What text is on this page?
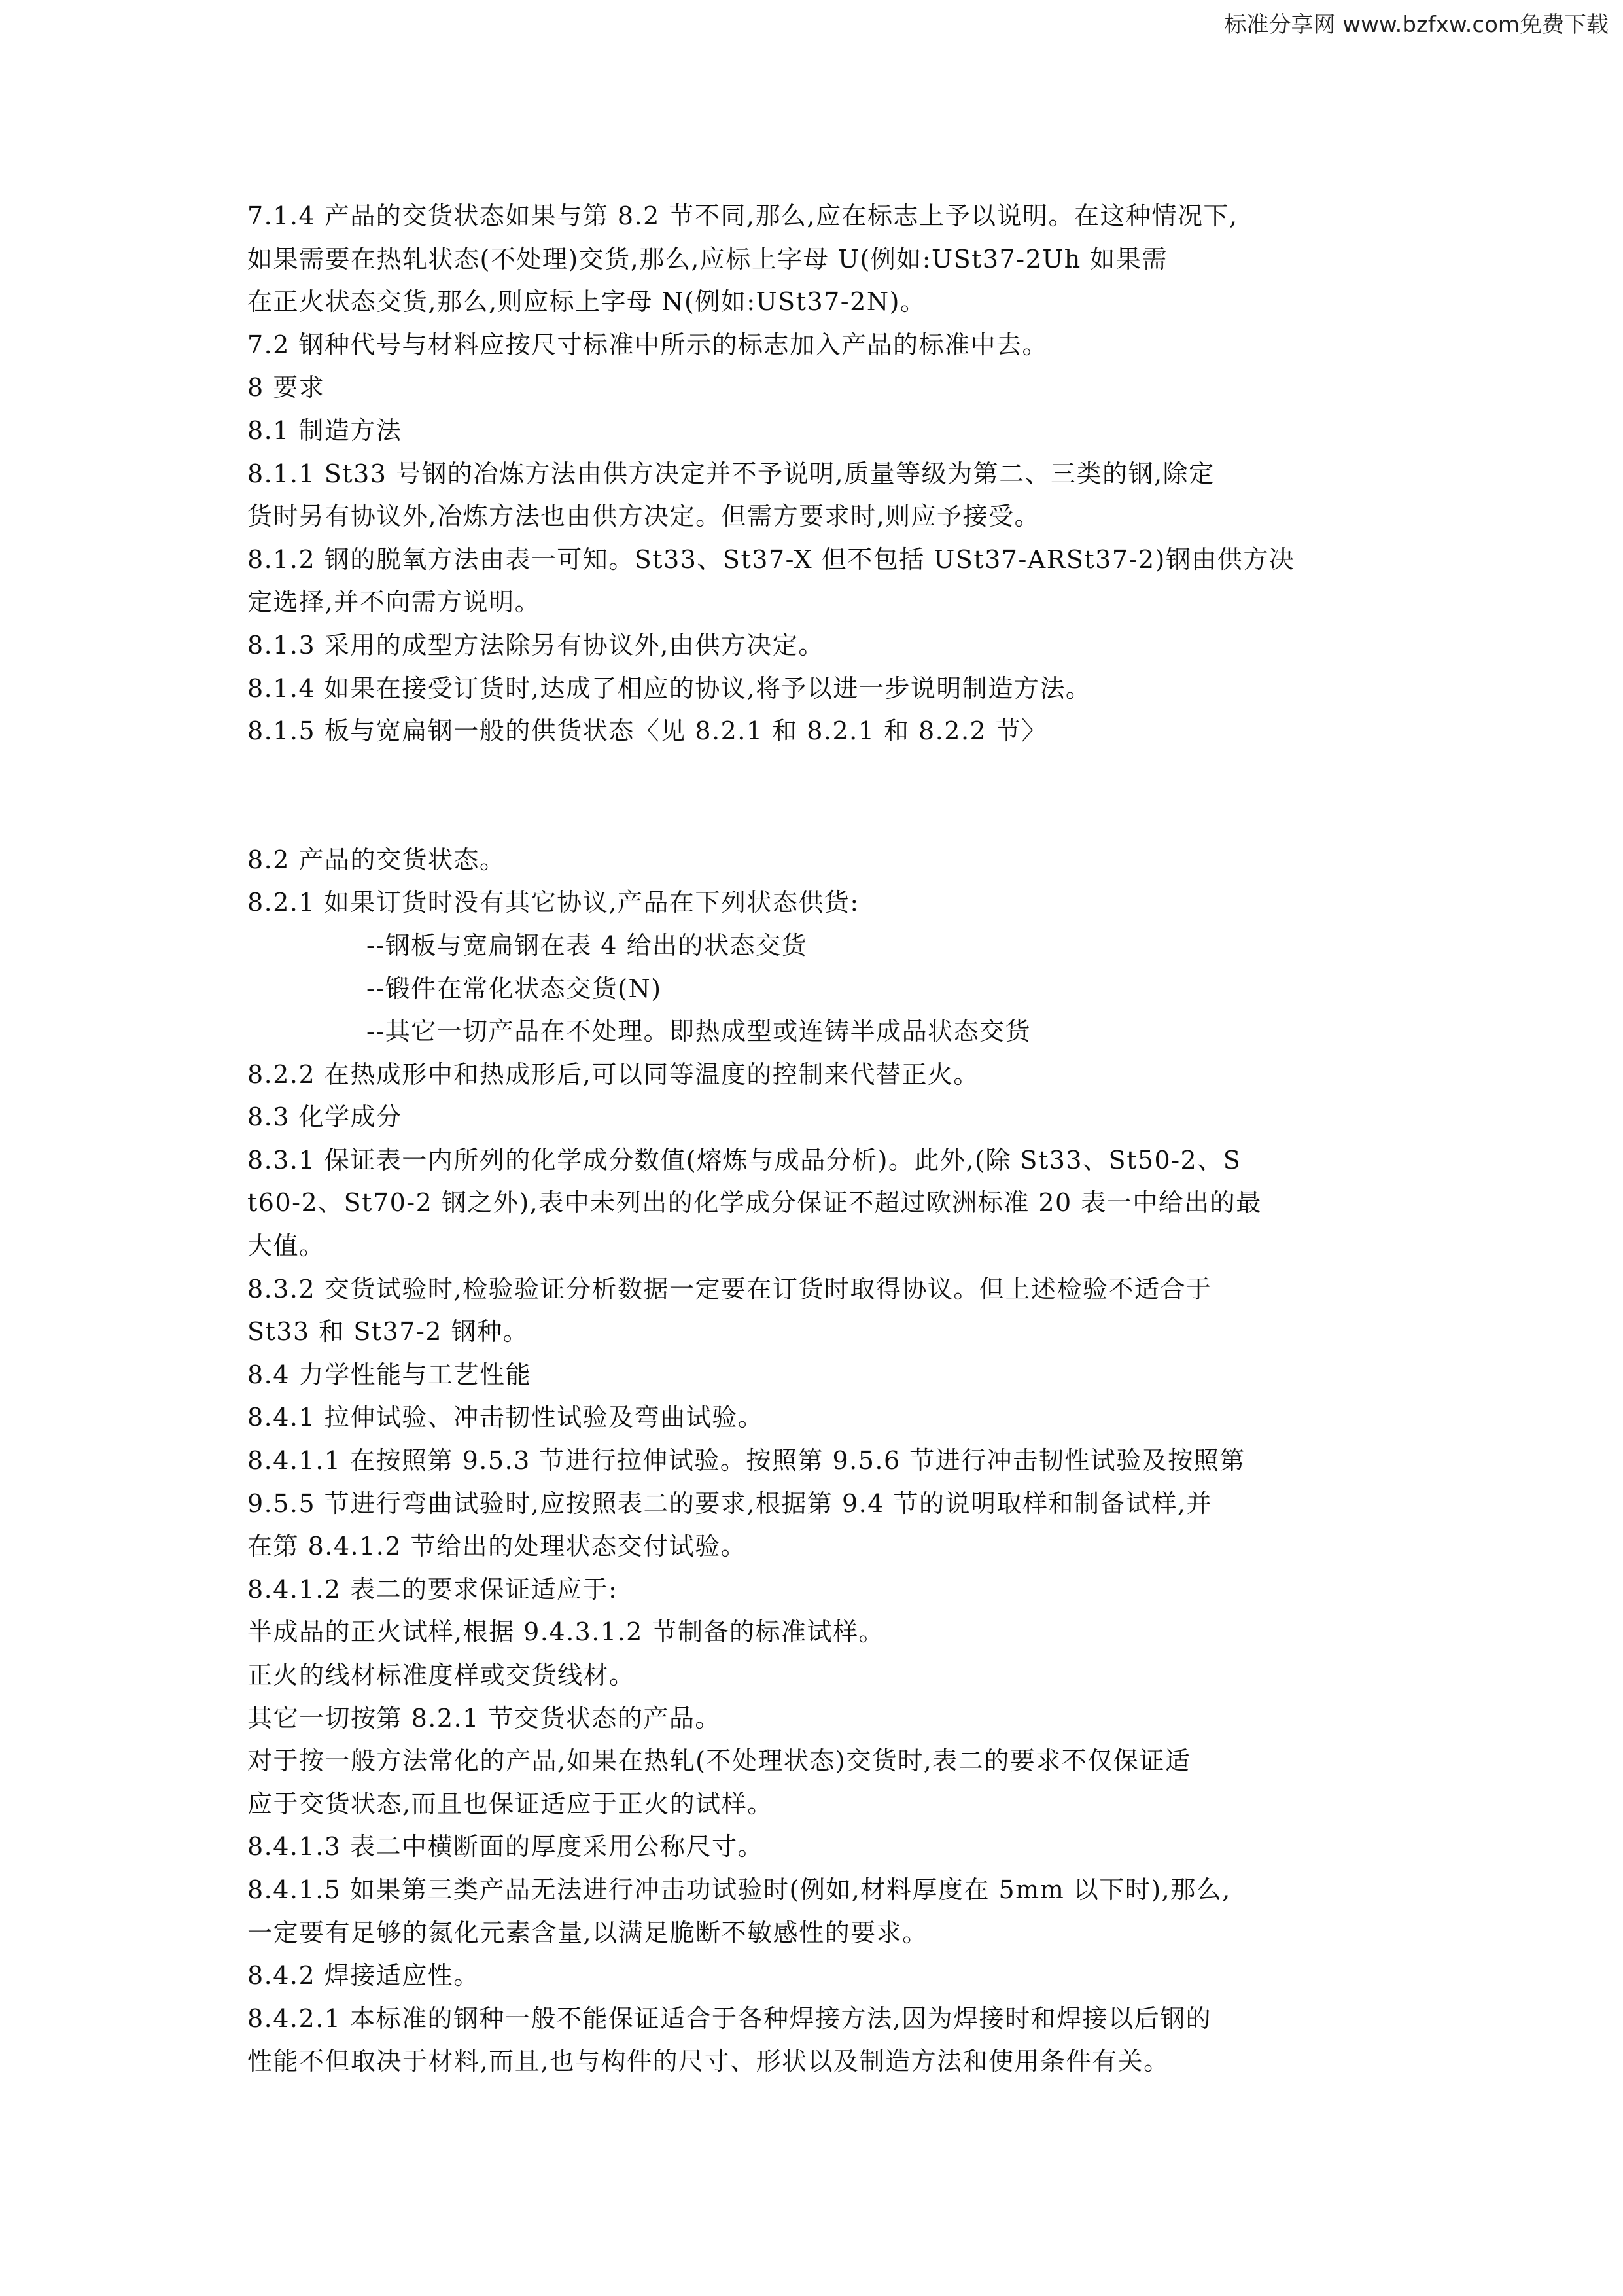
标准分享网 www.bzfxw.com免费下载
7.1.4 产品的交货状态如果与第 8.2 节不同,那么,应在标志上予以说明。在这种情况下,
如果需要在热轧状态(不处理)交货,那么,应标上字母 U(例如:USt37-2Uh 如果需
在正火状态交货,那么,则应标上字母 N(例如:USt37-2N)。
7.2 钢种代号与材料应按尺寸标准中所示的标志加入产品的标准中去。
8 要求
8.1 制造方法
8.1.1 St33 号钢的冶炼方法由供方决定并不予说明,质量等级为第二、三类的钢,除定
货时另有协议外,冶炼方法也由供方决定。但需方要求时,则应予接受。
8.1.2 钢的脱氧方法由表一可知。St33、St37-X 但不包括 USt37-ARSt37-2)钢由供方决
定选择,并不向需方说明。
8.1.3 采用的成型方法除另有协议外,由供方决定。
8.1.4 如果在接受订货时,达成了相应的协议,将予以进一步说明制造方法。
8.1.5 板与宽扁钢一般的供货状态〈见 8.2.1 和 8.2.1 和 8.2.2 节〉
8.2 产品的交货状态。
8.2.1 如果订货时没有其它协议,产品在下列状态供货:
--钢板与宽扁钢在表 4 给出的状态交货
--锻件在常化状态交货(N)
--其它一切产品在不处理。即热成型或连铸半成品状态交货
8.2.2 在热成形中和热成形后,可以同等温度的控制来代替正火。
8.3 化学成分
8.3.1 保证表一内所列的化学成分数值(熔炼与成品分析)。此外,(除 St33、St50-2、S
t60-2、St70-2 钢之外),表中未列出的化学成分保证不超过欧洲标准 20 表一中给出的最
大值。
8.3.2 交货试验时,检验验证分析数据一定要在订货时取得协议。但上述检验不适合于
St33 和 St37-2 钢种。
8.4 力学性能与工艺性能
8.4.1 拉伸试验、冲击韧性试验及弯曲试验。
8.4.1.1 在按照第 9.5.3 节进行拉伸试验。按照第 9.5.6 节进行冲击韧性试验及按照第
9.5.5 节进行弯曲试验时,应按照表二的要求,根据第 9.4 节的说明取样和制备试样,并
在第 8.4.1.2 节给出的处理状态交付试验。
8.4.1.2 表二的要求保证适应于:
半成品的正火试样,根据 9.4.3.1.2 节制备的标准试样。
正火的线材标准度样或交货线材。
其它一切按第 8.2.1 节交货状态的产品。
对于按一般方法常化的产品,如果在热轧(不处理状态)交货时,表二的要求不仅保证适
应于交货状态,而且也保证适应于正火的试样。
8.4.1.3 表二中横断面的厚度采用公称尺寸。
8.4.1.5 如果第三类产品无法进行冲击功试验时(例如,材料厚度在 5mm 以下时),那么,
一定要有足够的氮化元素含量,以满足脆断不敏感性的要求。
8.4.2 焊接适应性。
8.4.2.1 本标准的钢种一般不能保证适合于各种焊接方法,因为焊接时和焊接以后钢的
性能不但取决于材料,而且,也与构件的尺寸、形状以及制造方法和使用条件有关。
